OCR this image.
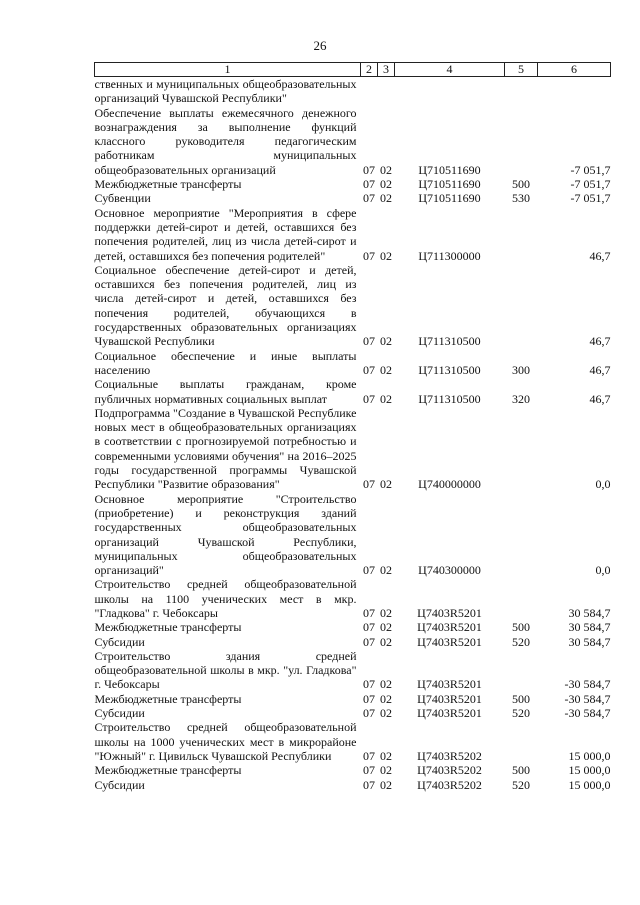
26
1	2	3	4	5	6
ственных и муниципальных общеобразовательных организаций Чувашской Республики"					
Обеспечение выплаты ежемесячного денежного вознаграждения за выполнение функций классного руководителя педагогическим работникам муниципальных общеобразовательных организаций	07	02	Ц710511690		-7 051,7
Межбюджетные трансферты	07	02	Ц710511690	500	-7 051,7
Субвенции	07	02	Ц710511690	530	-7 051,7
Основное мероприятие "Мероприятия в сфере поддержки детей-сирот и детей, оставшихся без попечения родителей, лиц из числа детей-сирот и детей, оставшихся без попечения родителей"	07	02	Ц711300000		46,7
Социальное обеспечение детей-сирот и детей, оставшихся без попечения родителей, лиц из числа детей-сирот и детей, оставшихся без попечения родителей, обучающихся в государственных образовательных организациях Чувашской Республики	07	02	Ц711310500		46,7
Социальное обеспечение и иные выплаты населению	07	02	Ц711310500	300	46,7
Социальные выплаты гражданам, кроме публичных нормативных социальных выплат	07	02	Ц711310500	320	46,7
Подпрограмма "Создание в Чувашской Республике новых мест в общеобразовательных организациях в соответствии с прогнозируемой потребностью и современными условиями обучения" на 2016–2025 годы государственной программы Чувашской Республики "Развитие образования"	07	02	Ц740000000		0,0
Основное мероприятие "Строительство (приобретение) и реконструкция зданий государственных общеобразовательных организаций Чувашской Республики, муниципальных общеобразовательных организаций"	07	02	Ц740300000		0,0
Строительство средней общеобразовательной школы на 1100 ученических мест в мкр. "Гладкова" г. Чебоксары	07	02	Ц7403R5201		30 584,7
Межбюджетные трансферты	07	02	Ц7403R5201	500	30 584,7
Субсидии	07	02	Ц7403R5201	520	30 584,7
Строительство здания средней общеобразовательной школы в мкр. "ул. Гладкова" г. Чебоксары	07	02	Ц7403R5201		-30 584,7
Межбюджетные трансферты	07	02	Ц7403R5201	500	-30 584,7
Субсидии	07	02	Ц7403R5201	520	-30 584,7
Строительство средней общеобразовательной школы на 1000 ученических мест в микрорайоне "Южный" г. Цивильск Чувашской Республики	07	02	Ц7403R5202		15 000,0
Межбюджетные трансферты	07	02	Ц7403R5202	500	15 000,0
Субсидии	07	02	Ц7403R5202	520	15 000,0
